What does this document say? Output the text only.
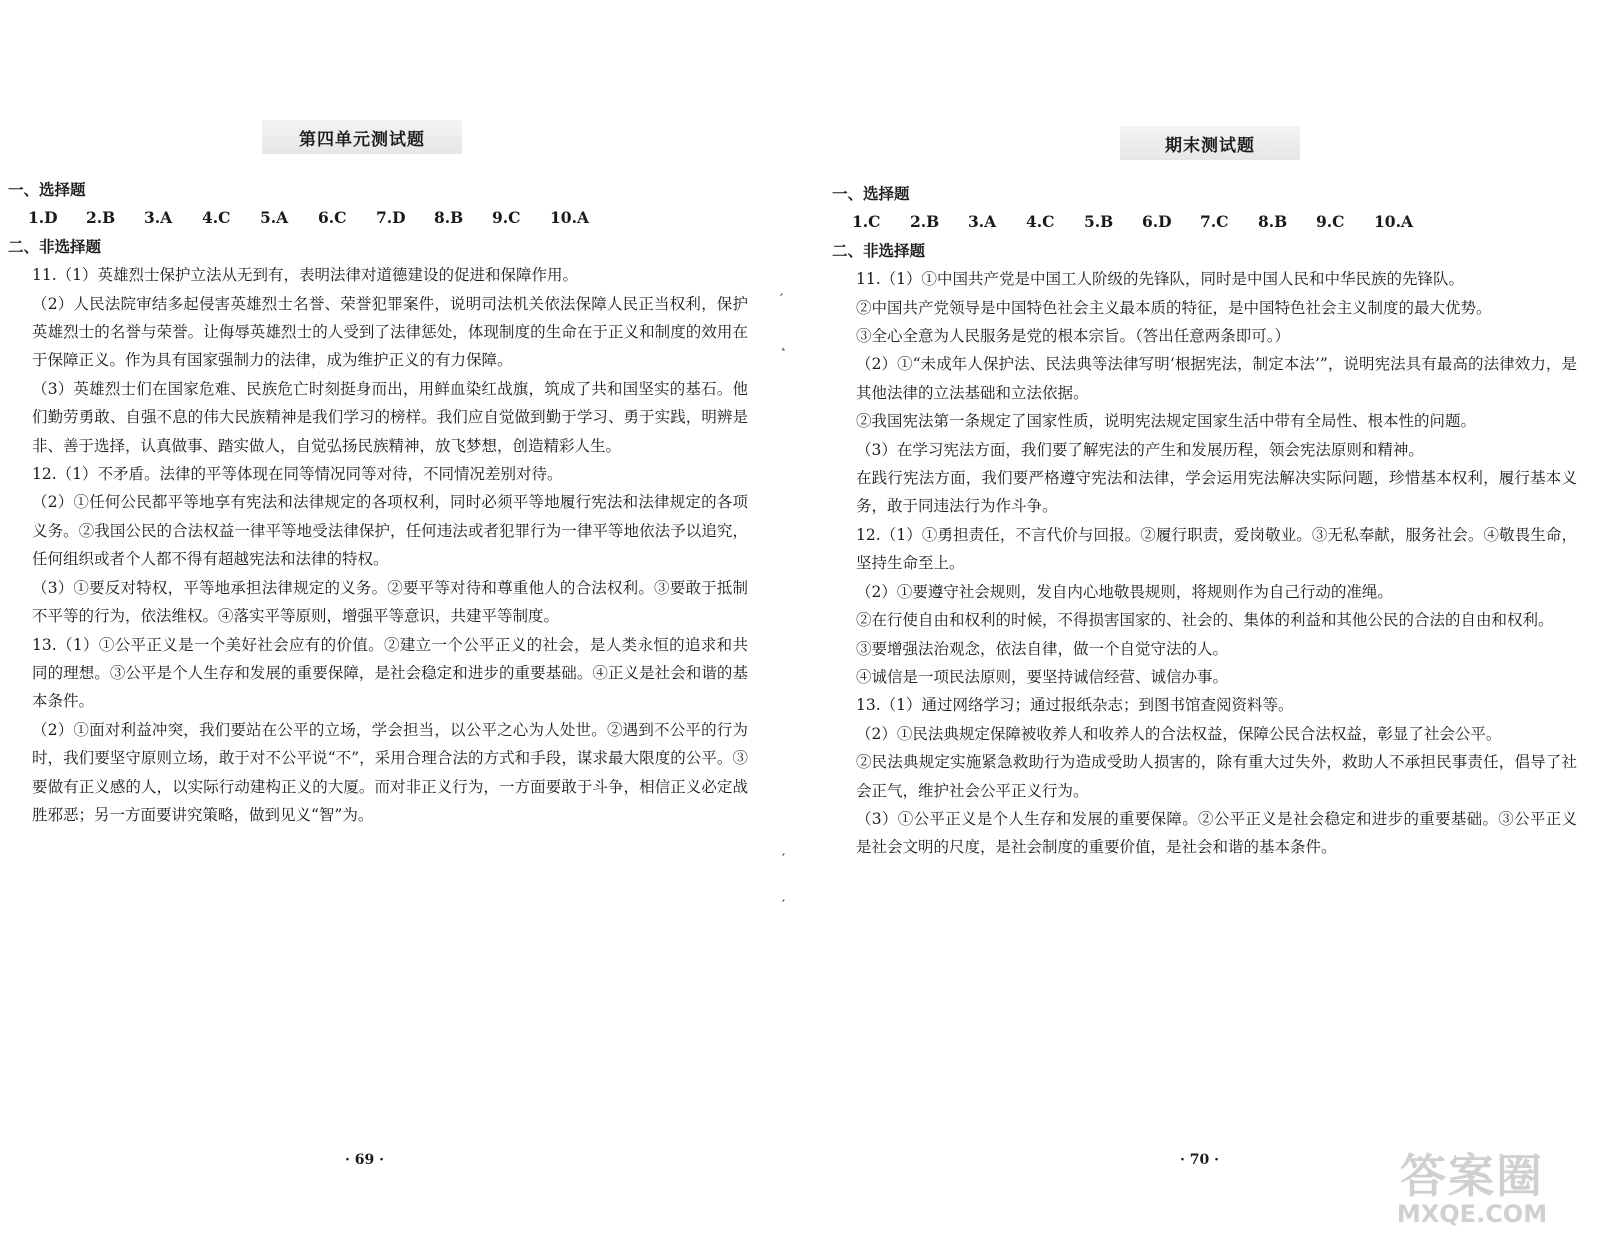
第四单元测试题
一、选择题
1.D	2.B	3.A	4.C	5.A	6.C	7.D	8.B	9.C	10.A
二、非选择题
11.（1）英雄烈士保护立法从无到有，表明法律对道德建设的促进和保障作用。
（2）人民法院审结多起侵害英雄烈士名誉、荣誉犯罪案件，说明司法机关依法保障人民正当权利，保护英雄烈士的名誉与荣誉。让侮辱英雄烈士的人受到了法律惩处，体现制度的生命在于正义和制度的效用在于保障正义。作为具有国家强制力的法律，成为维护正义的有力保障。
（3）英雄烈士们在国家危难、民族危亡时刻挺身而出，用鲜血染红战旗，筑成了共和国坚实的基石。他们勤劳勇敢、自强不息的伟大民族精神是我们学习的榜样。我们应自觉做到勤于学习、勇于实践，明辨是非、善于选择，认真做事、踏实做人，自觉弘扬民族精神，放飞梦想，创造精彩人生。
12.（1）不矛盾。法律的平等体现在同等情况同等对待，不同情况差别对待。
（2）①任何公民都平等地享有宪法和法律规定的各项权利，同时必须平等地履行宪法和法律规定的各项义务。②我国公民的合法权益一律平等地受法律保护，任何违法或者犯罪行为一律平等地依法予以追究，任何组织或者个人都不得有超越宪法和法律的特权。
（3）①要反对特权，平等地承担法律规定的义务。②要平等对待和尊重他人的合法权利。③要敢于抵制不平等的行为，依法维权。④落实平等原则，增强平等意识，共建平等制度。
13.（1）①公平正义是一个美好社会应有的价值。②建立一个公平正义的社会，是人类永恒的追求和共同的理想。③公平是个人生存和发展的重要保障，是社会稳定和进步的重要基础。④正义是社会和谐的基本条件。
（2）①面对利益冲突，我们要站在公平的立场，学会担当，以公平之心为人处世。②遇到不公平的行为时，我们要坚守原则立场，敢于对不公平说“不”，采用合理合法的方式和手段，谋求最大限度的公平。③要做有正义感的人，以实际行动建构正义的大厦。而对非正义行为，一方面要敢于斗争，相信正义必定战胜邪恶；另一方面要讲究策略，做到见义“智”为。
· 69 ·
′
˛
′
′
期末测试题
一、选择题
1.C	2.B	3.A	4.C	5.B	6.D	7.C	8.B	9.C	10.A
二、非选择题
11.（1）①中国共产党是中国工人阶级的先锋队，同时是中国人民和中华民族的先锋队。
②中国共产党领导是中国特色社会主义最本质的特征，是中国特色社会主义制度的最大优势。
③全心全意为人民服务是党的根本宗旨。（答出任意两条即可。）
（2）①“未成年人保护法、民法典等法律写明‘根据宪法，制定本法’”，说明宪法具有最高的法律效力，是其他法律的立法基础和立法依据。
②我国宪法第一条规定了国家性质，说明宪法规定国家生活中带有全局性、根本性的问题。
（3）在学习宪法方面，我们要了解宪法的产生和发展历程，领会宪法原则和精神。
在践行宪法方面，我们要严格遵守宪法和法律，学会运用宪法解决实际问题，珍惜基本权利，履行基本义务，敢于同违法行为作斗争。
12.（1）①勇担责任，不言代价与回报。②履行职责，爱岗敬业。③无私奉献，服务社会。④敬畏生命，坚持生命至上。
（2）①要遵守社会规则，发自内心地敬畏规则，将规则作为自己行动的准绳。
②在行使自由和权利的时候，不得损害国家的、社会的、集体的利益和其他公民的合法的自由和权利。
③要增强法治观念，依法自律，做一个自觉守法的人。
④诚信是一项民法原则，要坚持诚信经营、诚信办事。
13.（1）通过网络学习；通过报纸杂志；到图书馆查阅资料等。
（2）①民法典规定保障被收养人和收养人的合法权益，保障公民合法权益，彰显了社会公平。
②民法典规定实施紧急救助行为造成受助人损害的，除有重大过失外，救助人不承担民事责任，倡导了社会正气，维护社会公平正义行为。
（3）①公平正义是个人生存和发展的重要保障。②公平正义是社会稳定和进步的重要基础。③公平正义是社会文明的尺度，是社会制度的重要价值，是社会和谐的基本条件。
· 70 ·	答案圈
MXQE.COM
